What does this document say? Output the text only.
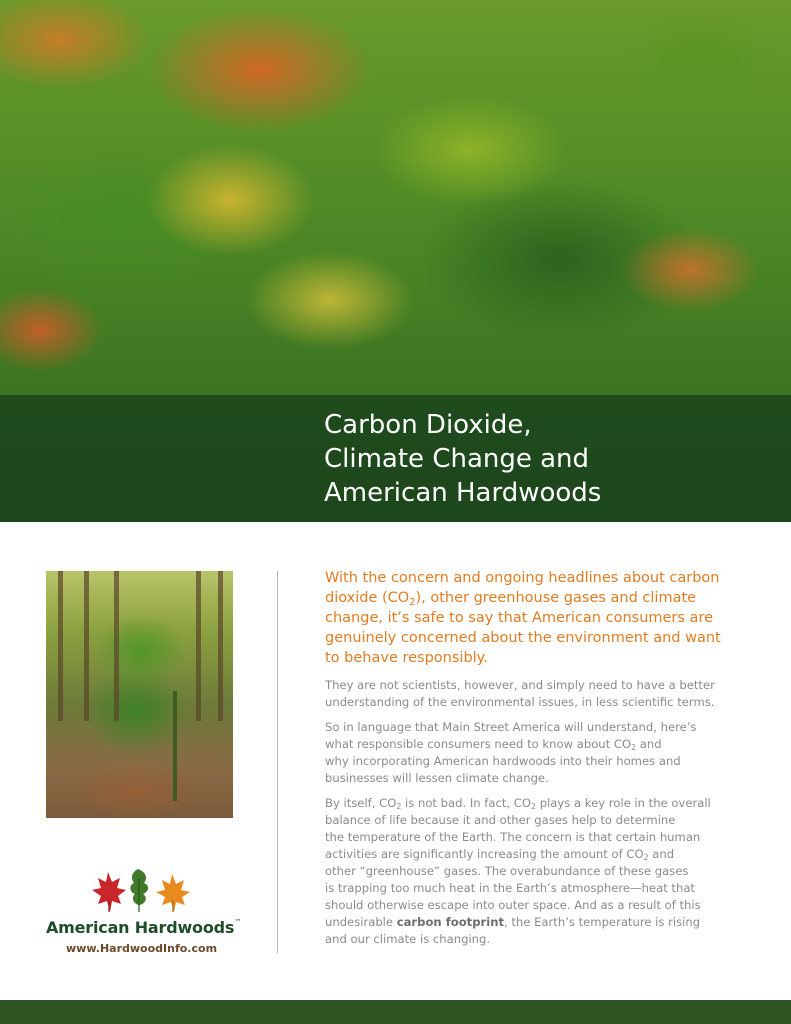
Carbon Dioxide,
Climate Change and
American Hardwoods
American Hardwoods™
www.HardwoodInfo.com

With the concern and ongoing headlines about carbon
dioxide $(CO_2)$, other greenhouse gases and climate
change, it’s safe to say that American consumers are
genuinely concerned about the environment and want
to behave responsibly.

They are not scientists, however, and simply need to have a better
understanding of the environmental issues, in less scientific terms.

So in language that Main Street America will understand, here’s
what responsible consumers need to know about $CO_2$ and
why incorporating American hardwoods into their homes and
businesses will lessen climate change.

By itself, $CO_2$ is not bad. In fact, $CO_2$ plays a key role in the overall
balance of life because it and other gases help to determine
the temperature of the Earth. The concern is that certain human
activities are significantly increasing the amount of $CO_2$ and
other “greenhouse” gases. The overabundance of these gases
is trapping too much heat in the Earth’s atmosphere—heat that
should otherwise escape into outer space. And as a result of this
undesirable carbon footprint, the Earth’s temperature is rising
and our climate is changing.
